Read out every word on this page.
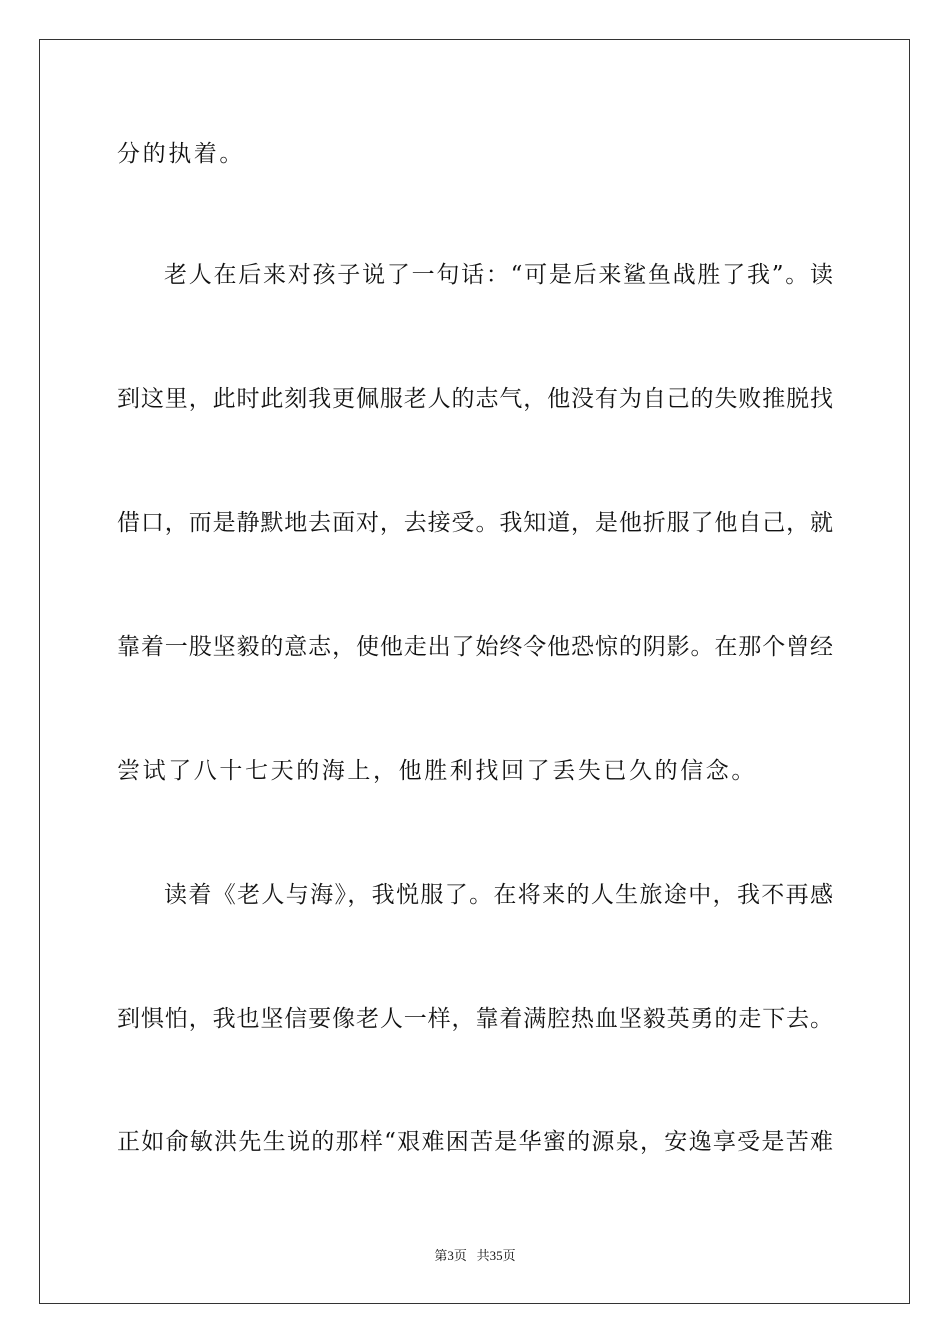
分的执着。
老人在后来对孩子说了一句话：“可是后来鲨鱼战胜了我”。读
到这里，此时此刻我更佩服老人的志气，他没有为自己的失败推脱找
借口，而是静默地去面对，去接受。我知道，是他折服了他自己，就
靠着一股坚毅的意志，使他走出了始终令他恐惊的阴影。在那个曾经
尝试了八十七天的海上，他胜利找回了丢失已久的信念。
读着《老人与海》，我悦服了。在将来的人生旅途中，我不再感
到惧怕，我也坚信要像老人一样，靠着满腔热血坚毅英勇的走下去。
正如俞敏洪先生说的那样“艰难困苦是华蜜的源泉，安逸享受是苦难
第3页 共35页
